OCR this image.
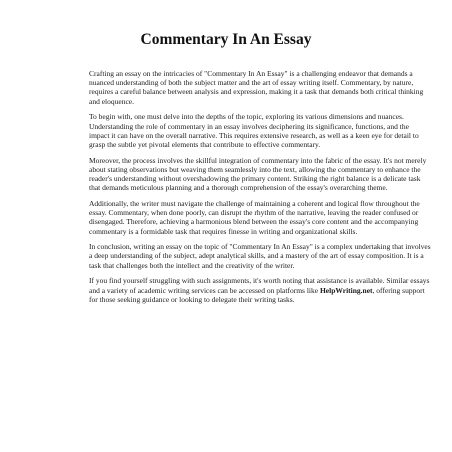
Commentary In An Essay

Crafting an essay on the intricacies of "Commentary In An Essay" is a challenging endeavor that demands a nuanced understanding of both the subject matter and the art of essay writing itself. Commentary, by nature, requires a careful balance between analysis and expression, making it a task that demands both critical thinking and eloquence.

To begin with, one must delve into the depths of the topic, exploring its various dimensions and nuances. Understanding the role of commentary in an essay involves deciphering its significance, functions, and the impact it can have on the overall narrative. This requires extensive research, as well as a keen eye for detail to grasp the subtle yet pivotal elements that contribute to effective commentary.

Moreover, the process involves the skillful integration of commentary into the fabric of the essay. It's not merely about stating observations but weaving them seamlessly into the text, allowing the commentary to enhance the reader's understanding without overshadowing the primary content. Striking the right balance is a delicate task that demands meticulous planning and a thorough comprehension of the essay's overarching theme.

Additionally, the writer must navigate the challenge of maintaining a coherent and logical flow throughout the essay. Commentary, when done poorly, can disrupt the rhythm of the narrative, leaving the reader confused or disengaged. Therefore, achieving a harmonious blend between the essay's core content and the accompanying commentary is a formidable task that requires finesse in writing and organizational skills.

In conclusion, writing an essay on the topic of "Commentary In An Essay" is a complex undertaking that involves a deep understanding of the subject, adept analytical skills, and a mastery of the art of essay composition. It is a task that challenges both the intellect and the creativity of the writer.

If you find yourself struggling with such assignments, it's worth noting that assistance is available. Similar essays and a variety of academic writing services can be accessed on platforms like HelpWriting.net, offering support for those seeking guidance or looking to delegate their writing tasks.
